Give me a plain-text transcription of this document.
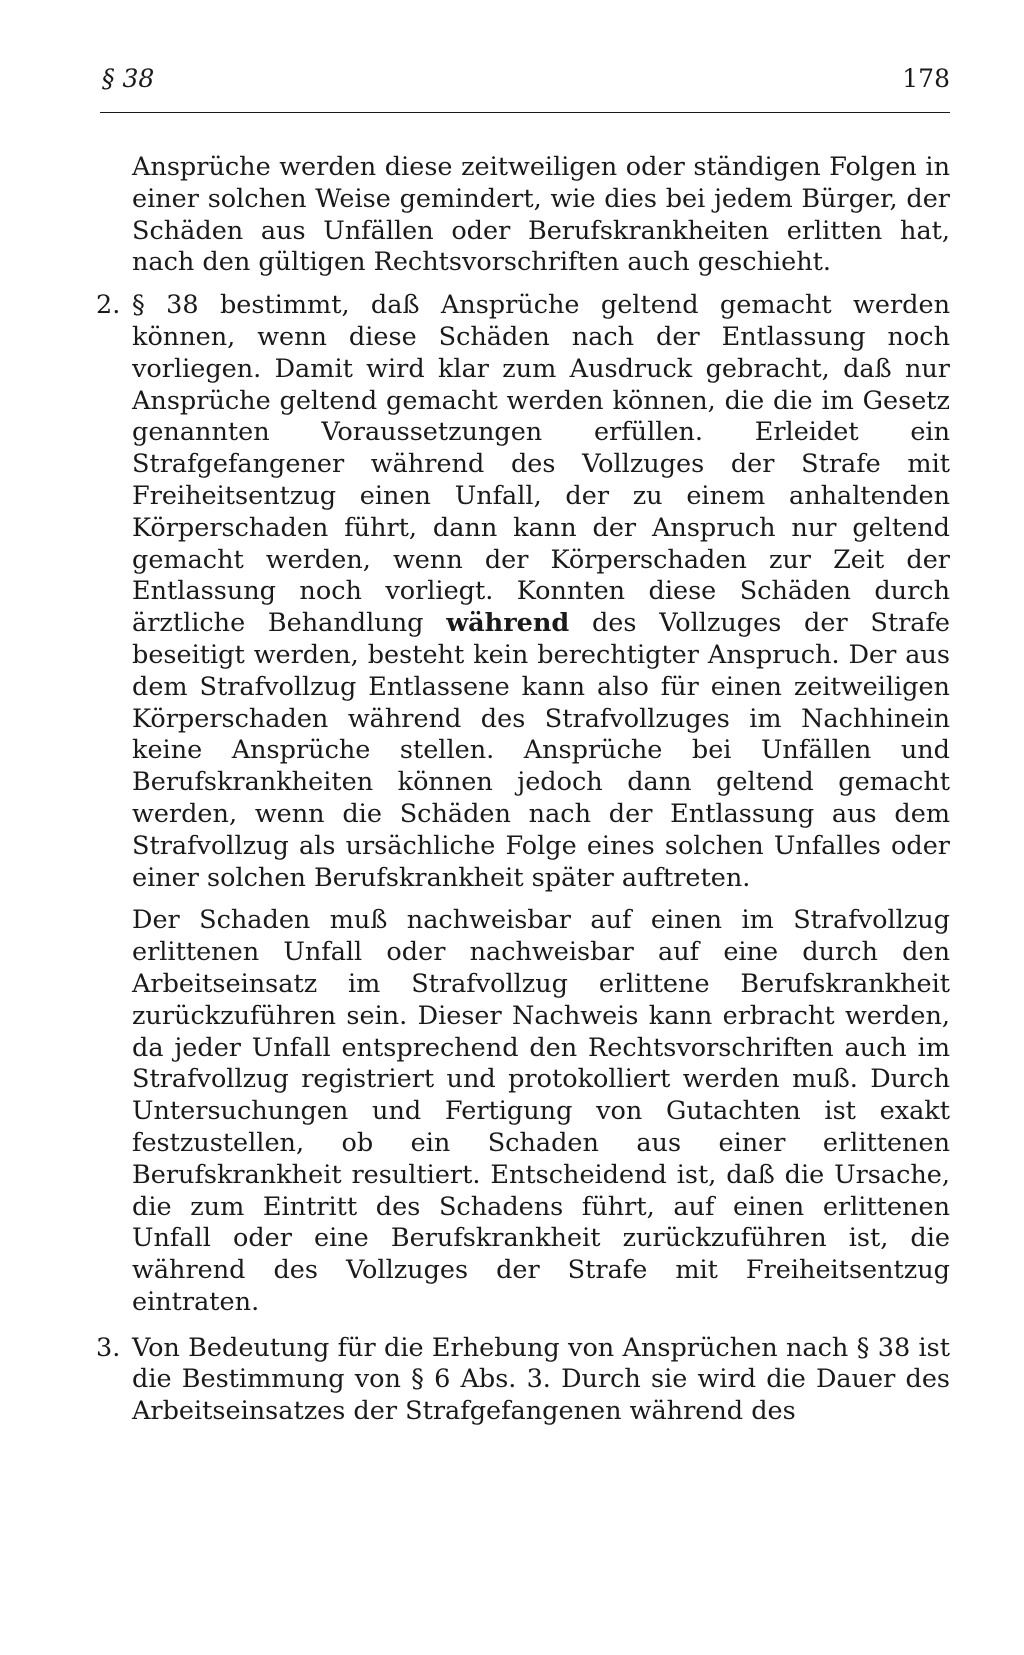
§ 38	178

Ansprüche werden diese zeitweiligen oder ständigen Folgen in einer solchen Weise gemindert, wie dies bei jedem Bürger, der Schäden aus Unfällen oder Berufskrankheiten erlitten hat, nach den gültigen Rechtsvorschriften auch geschieht.

2. § 38 bestimmt, daß Ansprüche geltend gemacht werden können, wenn diese Schäden nach der Entlassung noch vorliegen. Damit wird klar zum Ausdruck gebracht, daß nur Ansprüche geltend gemacht werden können, die die im Gesetz genannten Voraussetzungen erfüllen. Erleidet ein Strafgefangener während des Vollzuges der Strafe mit Freiheitsentzug einen Unfall, der zu einem anhaltenden Körperschaden führt, dann kann der Anspruch nur geltend gemacht werden, wenn der Körperschaden zur Zeit der Entlassung noch vorliegt. Konnten diese Schäden durch ärztliche Behandlung während des Vollzuges der Strafe beseitigt werden, besteht kein berechtigter Anspruch. Der aus dem Strafvollzug Entlassene kann also für einen zeitweiligen Körperschaden während des Strafvollzuges im Nachhinein keine Ansprüche stellen. Ansprüche bei Unfällen und Berufskrankheiten können jedoch dann geltend gemacht werden, wenn die Schäden nach der Entlassung aus dem Strafvollzug als ursächliche Folge eines solchen Unfalles oder einer solchen Berufskrankheit später auftreten.

Der Schaden muß nachweisbar auf einen im Strafvollzug erlittenen Unfall oder nachweisbar auf eine durch den Arbeitseinsatz im Strafvollzug erlittene Berufskrankheit zurückzuführen sein. Dieser Nachweis kann erbracht werden, da jeder Unfall entsprechend den Rechtsvorschriften auch im Strafvollzug registriert und protokolliert werden muß. Durch Untersuchungen und Fertigung von Gutachten ist exakt festzustellen, ob ein Schaden aus einer erlittenen Berufskrankheit resultiert. Entscheidend ist, daß die Ursache, die zum Eintritt des Schadens führt, auf einen erlittenen Unfall oder eine Berufskrankheit zurückzuführen ist, die während des Vollzuges der Strafe mit Freiheitsentzug eintraten.

3. Von Bedeutung für die Erhebung von Ansprüchen nach § 38 ist die Bestimmung von § 6 Abs. 3. Durch sie wird die Dauer des Arbeitseinsatzes der Strafgefangenen während des
